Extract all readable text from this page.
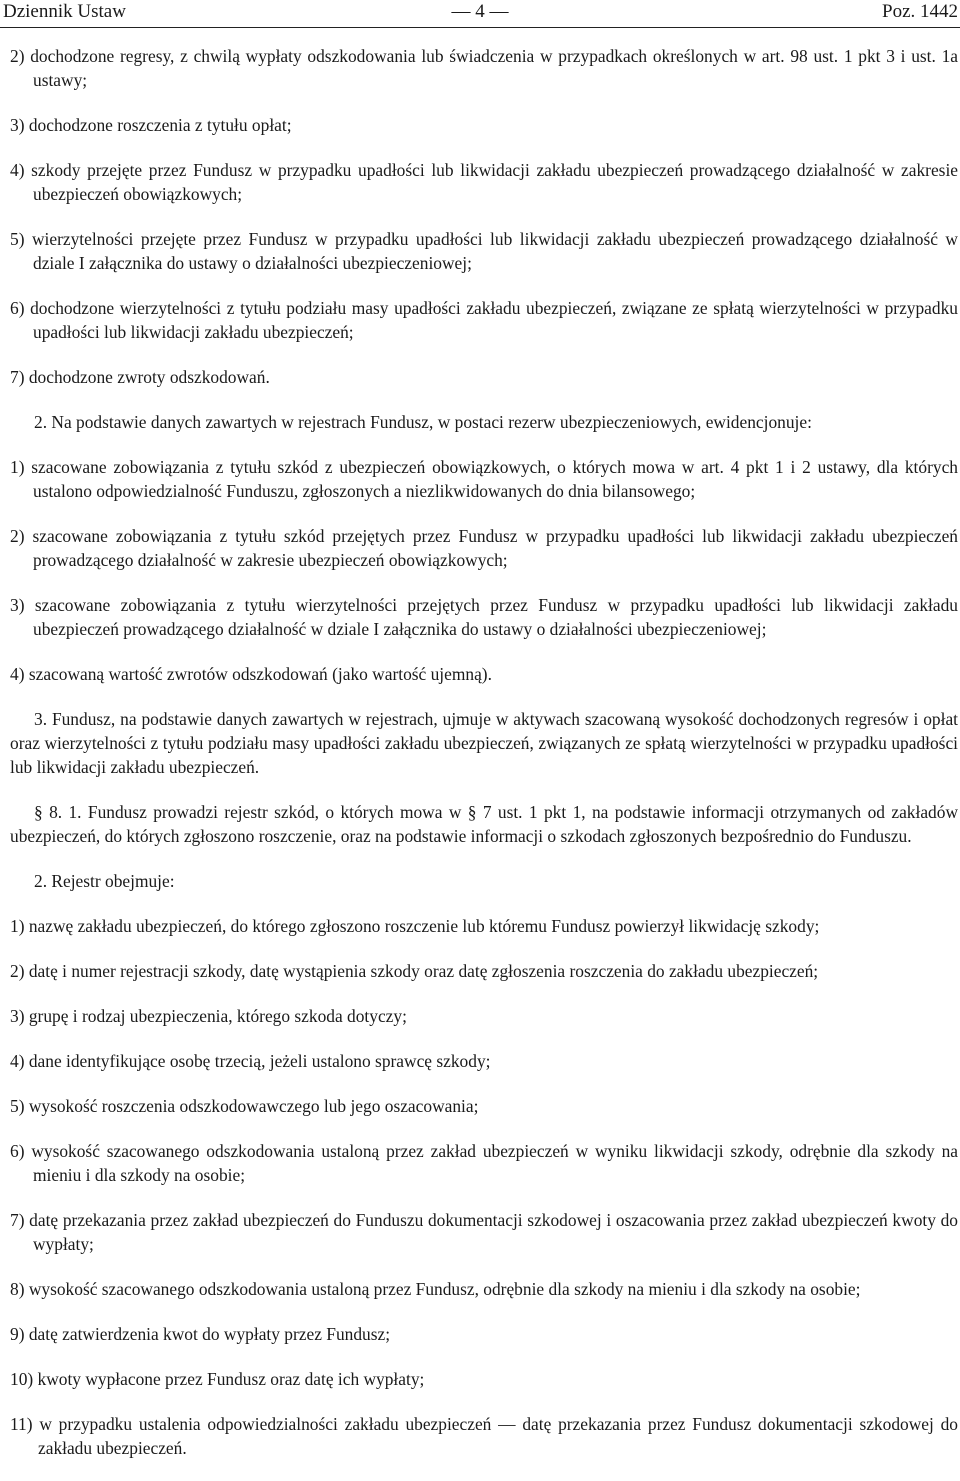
Dziennik Ustaw	— 4 —	Poz. 1442

2) dochodzone regresy, z chwilą wypłaty odszkodowania lub świadczenia w przypadkach określonych w art. 98 ust. 1 pkt 3 i ust. 1a ustawy;

3) dochodzone roszczenia z tytułu opłat;

4) szkody przejęte przez Fundusz w przypadku upadłości lub likwidacji zakładu ubezpieczeń prowadzącego działalność w zakresie ubezpieczeń obowiązkowych;

5) wierzytelności przejęte przez Fundusz w przypadku upadłości lub likwidacji zakładu ubezpieczeń prowadzącego działalność w dziale I załącznika do ustawy o działalności ubezpieczeniowej;

6) dochodzone wierzytelności z tytułu podziału masy upadłości zakładu ubezpieczeń, związane ze spłatą wierzytelności w przypadku upadłości lub likwidacji zakładu ubezpieczeń;

7) dochodzone zwroty odszkodowań.

2. Na podstawie danych zawartych w rejestrach Fundusz, w postaci rezerw ubezpieczeniowych, ewidencjonuje:

1) szacowane zobowiązania z tytułu szkód z ubezpieczeń obowiązkowych, o których mowa w art. 4 pkt 1 i 2 ustawy, dla których ustalono odpowiedzialność Funduszu, zgłoszonych a niezlikwidowanych do dnia bilansowego;

2) szacowane zobowiązania z tytułu szkód przejętych przez Fundusz w przypadku upadłości lub likwidacji zakładu ubezpieczeń prowadzącego działalność w zakresie ubezpieczeń obowiązkowych;

3) szacowane zobowiązania z tytułu wierzytelności przejętych przez Fundusz w przypadku upadłości lub likwidacji zakładu ubezpieczeń prowadzącego działalność w dziale I załącznika do ustawy o działalności ubezpieczeniowej;

4) szacowaną wartość zwrotów odszkodowań (jako wartość ujemną).

3. Fundusz, na podstawie danych zawartych w rejestrach, ujmuje w aktywach szacowaną wysokość dochodzonych regresów i opłat oraz wierzytelności z tytułu podziału masy upadłości zakładu ubezpieczeń, związanych ze spłatą wierzytelności w przypadku upadłości lub likwidacji zakładu ubezpieczeń.

§ 8. 1. Fundusz prowadzi rejestr szkód, o których mowa w § 7 ust. 1 pkt 1, na podstawie informacji otrzymanych od zakładów ubezpieczeń, do których zgłoszono roszczenie, oraz na podstawie informacji o szkodach zgłoszonych bezpośrednio do Funduszu.

2. Rejestr obejmuje:

1) nazwę zakładu ubezpieczeń, do którego zgłoszono roszczenie lub któremu Fundusz powierzył likwidację szkody;

2) datę i numer rejestracji szkody, datę wystąpienia szkody oraz datę zgłoszenia roszczenia do zakładu ubezpieczeń;

3) grupę i rodzaj ubezpieczenia, którego szkoda dotyczy;

4) dane identyfikujące osobę trzecią, jeżeli ustalono sprawcę szkody;

5) wysokość roszczenia odszkodowawczego lub jego oszacowania;

6) wysokość szacowanego odszkodowania ustaloną przez zakład ubezpieczeń w wyniku likwidacji szkody, odrębnie dla szkody na mieniu i dla szkody na osobie;

7) datę przekazania przez zakład ubezpieczeń do Funduszu dokumentacji szkodowej i oszacowania przez zakład ubezpieczeń kwoty do wypłaty;

8) wysokość szacowanego odszkodowania ustaloną przez Fundusz, odrębnie dla szkody na mieniu i dla szkody na osobie;

9) datę zatwierdzenia kwot do wypłaty przez Fundusz;

10) kwoty wypłacone przez Fundusz oraz datę ich wypłaty;

11) w przypadku ustalenia odpowiedzialności zakładu ubezpieczeń — datę przekazania przez Fundusz dokumentacji szkodowej do zakładu ubezpieczeń.
